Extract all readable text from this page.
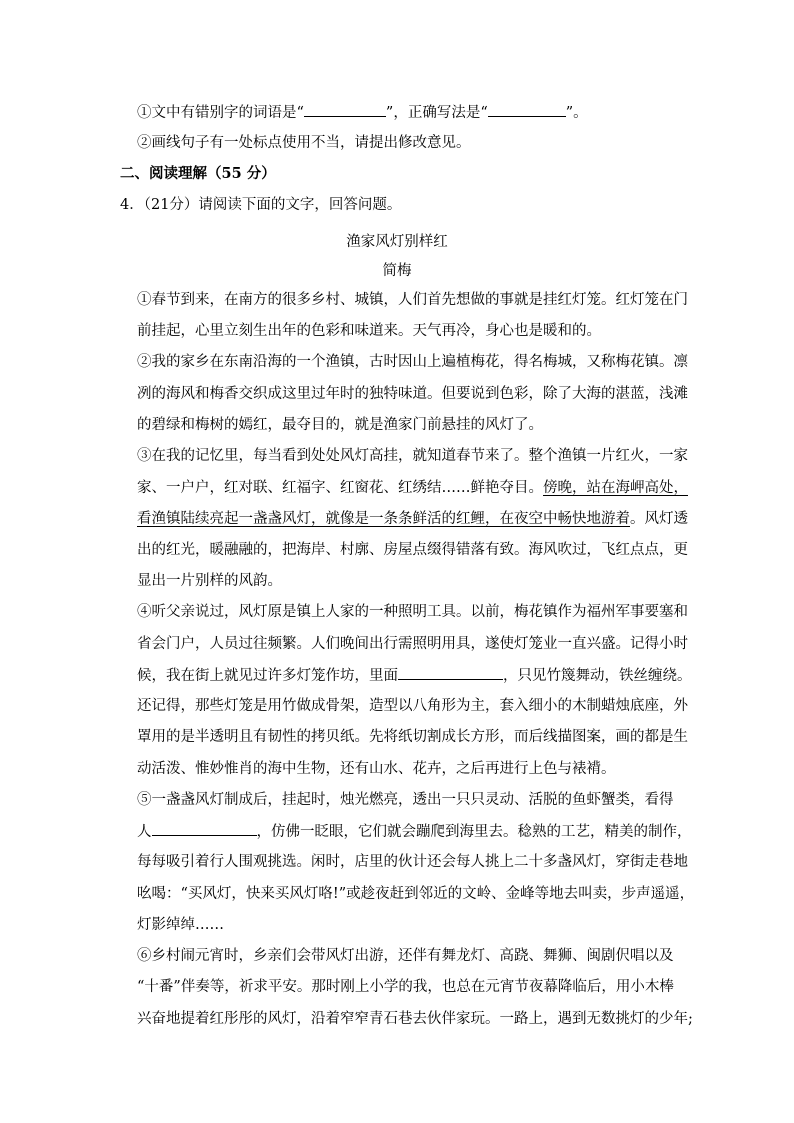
①文中有错别字的词语是“	”，正确写法是“	”。
②画线句子有一处标点使用不当，请提出修改意见。
二、阅读理解（55 分）
4．（21分）请阅读下面的文字，回答问题。
渔家风灯别样红
简梅
①春节到来，在南方的很多乡村、城镇，人们首先想做的事就是挂红灯笼。红灯笼在门
前挂起，心里立刻生出年的色彩和味道来。天气再冷，身心也是暖和的。
②我的家乡在东南沿海的一个渔镇，古时因山上遍植梅花，得名梅城，又称梅花镇。凛
冽的海风和梅香交织成这里过年时的独特味道。但要说到色彩，除了大海的湛蓝，浅滩
的碧绿和梅树的嫣红，最夺目的，就是渔家门前悬挂的风灯了。
③在我的记忆里，每当看到处处风灯高挂，就知道春节来了。整个渔镇一片红火，一家
家、一户户，红对联、红福字、红窗花、红绣结……鲜艳夺目。傍晚，站在海岬高处，
看渔镇陆续亮起一盏盏风灯，就像是一条条鲜活的红鲤，在夜空中畅快地游着。风灯透
出的红光，暖融融的，把海岸、村廓、房屋点缀得错落有致。海风吹过，飞红点点，更
显出一片别样的风韵。
④听父亲说过，风灯原是镇上人家的一种照明工具。以前，梅花镇作为福州军事要塞和
省会门户，人员过往频繁。人们晚间出行需照明用具，遂使灯笼业一直兴盛。记得小时
候，我在街上就见过许多灯笼作坊，里面	，只见竹篾舞动，铁丝缠绕。
还记得，那些灯笼是用竹做成骨架，造型以八角形为主，套入细小的木制蜡烛底座，外
罩用的是半透明且有韧性的拷贝纸。先将纸切割成长方形，而后线描图案，画的都是生
动活泼、惟妙惟肖的海中生物，还有山水、花卉，之后再进行上色与裱褙。
⑤一盏盏风灯制成后，挂起时，烛光燃亮，透出一只只灵动、活脱的鱼虾蟹类，看得
人	，仿佛一眨眼，它们就会蹦爬到海里去。稔熟的工艺，精美的制作，
每每吸引着行人围观挑选。闲时，店里的伙计还会每人挑上二十多盏风灯，穿街走巷地
吆喝：“买风灯，快来买风灯咯!”或趁夜赶到邻近的文岭、金峰等地去叫卖，步声遥遥，
灯影绰绰……
⑥乡村闹元宵时，乡亲们会带风灯出游，还伴有舞龙灯、高跷、舞狮、闽剧伬唱以及
“十番”伴奏等，祈求平安。那时刚上小学的我，也总在元宵节夜幕降临后，用小木棒
兴奋地提着红彤彤的风灯，沿着窄窄青石巷去伙伴家玩。一路上，遇到无数挑灯的少年;
